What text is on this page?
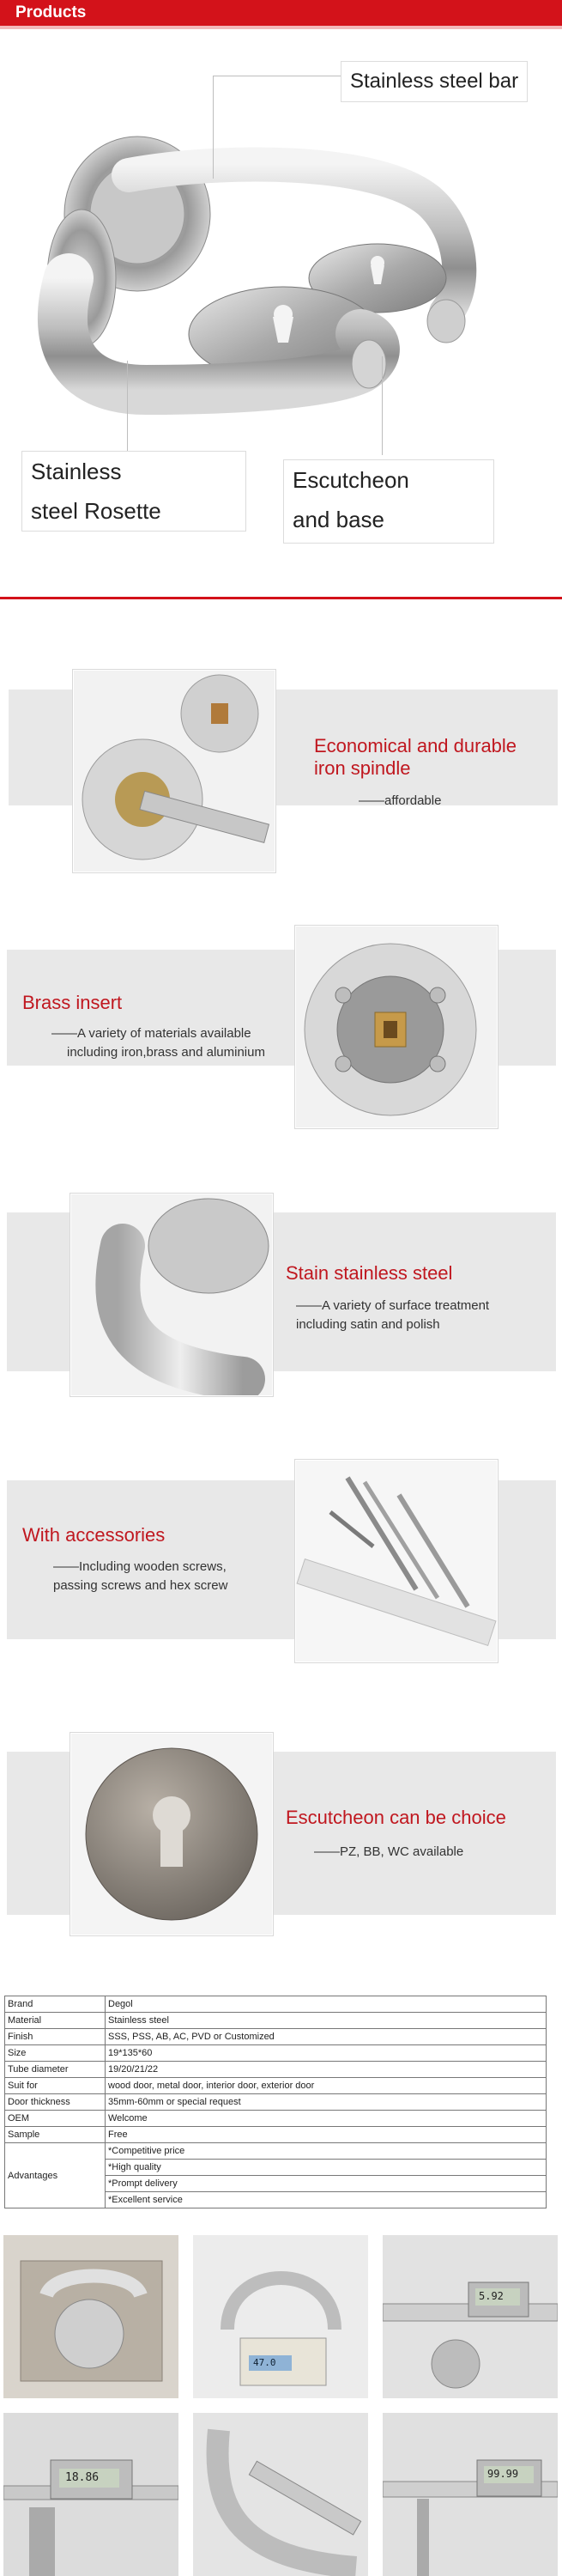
Products
Stainless steel bar
Stainless
steel Rosette
Escutcheon
and base
Economical and durable
iron spindle
——affordable
Brass insert
——A variety of materials available
including iron,brass and aluminium
Stain stainless steel
——A variety of surface treatment
including satin and polish
With accessories
——Including wooden screws,
passing screws and hex screw
Escutcheon can be choice
——PZ, BB, WC available
Brand	Degol
Material	Stainless steel
Finish	SSS, PSS, AB, AC, PVD or Customized
Size	19*135*60
Tube diameter	19/20/21/22
Suit for	wood door, metal door, interior door, exterior door
Door thickness	35mm-60mm or special request
OEM	Welcome
Sample	Free
Advantages	*Competitive price
*High quality
*Prompt delivery
*Excellent service
47.0
5.92
18.86	99.99
